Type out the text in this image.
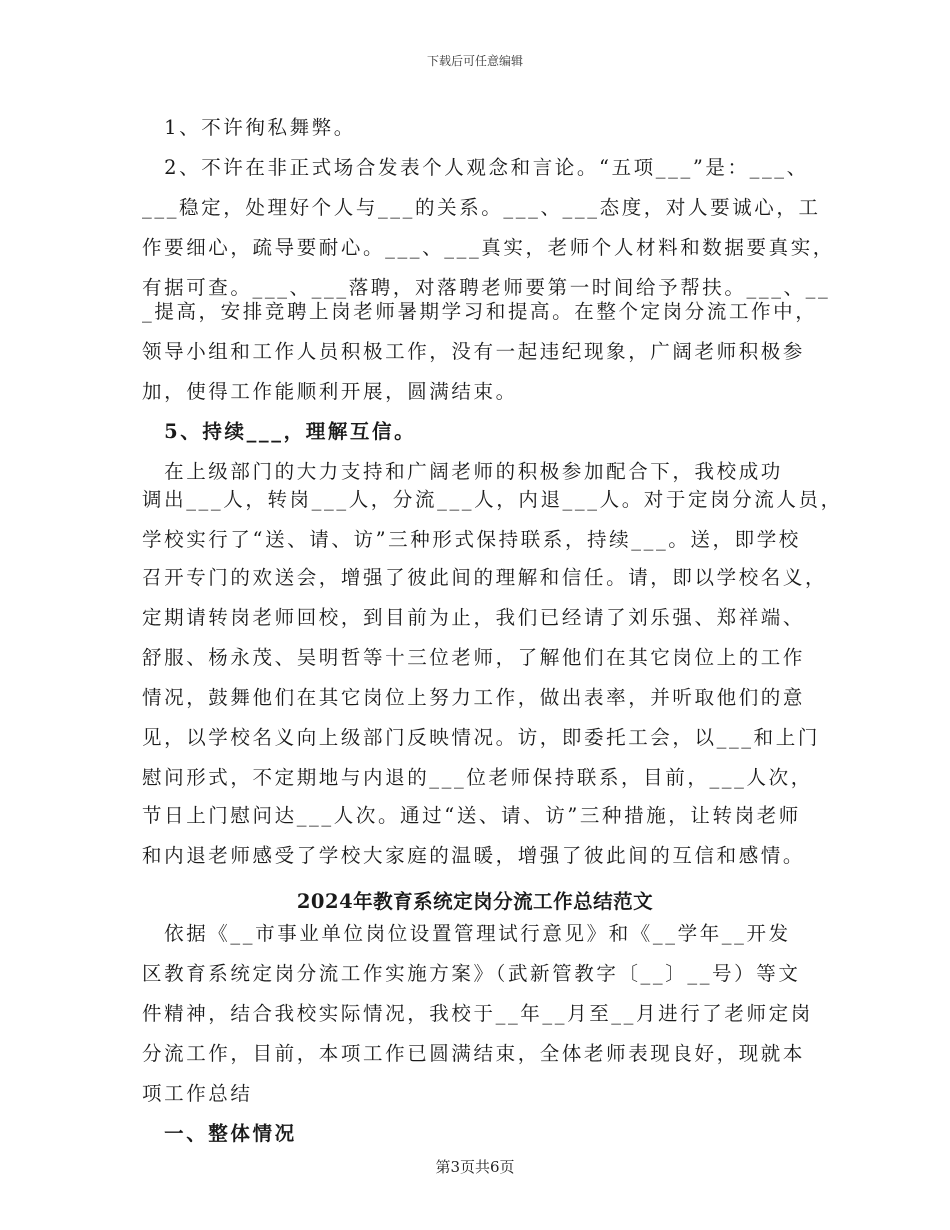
下载后可任意编辑
　1、不许徇私舞弊。
　2、不许在非正式场合发表个人观念和言论。“五项___”是：___、
___稳定，处理好个人与___的关系。___、___态度，对人要诚心，工
作要细心，疏导要耐心。___、___真实，老师个人材料和数据要真实，
有据可查。___、___落聘，对落聘老师要第一时间给予帮扶。___、__
_提高，安排竞聘上岗老师暑期学习和提高。在整个定岗分流工作中，
领导小组和工作人员积极工作，没有一起违纪现象，广阔老师积极参
加，使得工作能顺利开展，圆满结束。
　5、持续___，理解互信。
　在上级部门的大力支持和广阔老师的积极参加配合下，我校成功
调出___人，转岗___人，分流___人，内退___人。对于定岗分流人员，
学校实行了“送、请、访”三种形式保持联系，持续___。送，即学校
召开专门的欢送会，增强了彼此间的理解和信任。请，即以学校名义，
定期请转岗老师回校，到目前为止，我们已经请了刘乐强、郑祥端、
舒服、杨永茂、吴明哲等十三位老师，了解他们在其它岗位上的工作
情况，鼓舞他们在其它岗位上努力工作，做出表率，并听取他们的意
见，以学校名义向上级部门反映情况。访，即委托工会，以___和上门
慰问形式，不定期地与内退的___位老师保持联系，目前，___人次，
节日上门慰问达___人次。通过“送、请、访”三种措施，让转岗老师
和内退老师感受了学校大家庭的温暖，增强了彼此间的互信和感情。
2024年教育系统定岗分流工作总结范文
　依据《__市事业单位岗位设置管理试行意见》和《__学年__开发
区教育系统定岗分流工作实施方案》（武新管教字〔__〕__号）等文
件精神，结合我校实际情况，我校于__年__月至__月进行了老师定岗
分流工作，目前，本项工作已圆满结束，全体老师表现良好，现就本
项工作总结
　一、整体情况
第3页共6页
